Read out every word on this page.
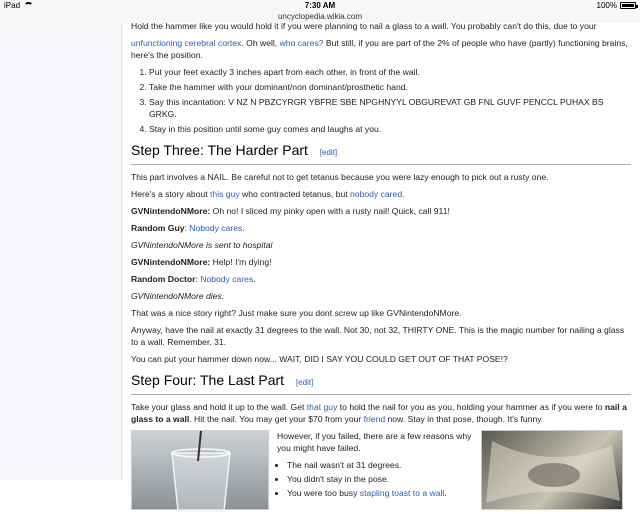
iPad	7:30 AM	100%
uncyclopedia.wikia.com

Hold the hammer like you would hold it if you were planning to nail a glass to a wall. You probably can't do this, due to your

unfunctioning cerebral cortex. Oh well, who cares? But still, if you are part of the 2% of people who have (partly) functioning brains, here's the position.

1. Put your feet exactly 3 inches apart from each other, in front of the wall.
2. Take the hammer with your dominant/non dominant/prosthetic hand.
3. Say this incantation: V NZ N PBZCYRGR YBFRE SBE NPGHNYYL OBGUREVAT GB FNL GUVF PENCCL PUHAX BS GRKG.
4. Stay in this position until some guy comes and laughs at you.
Step Three: The Harder Part [edit]

This part involves a NAIL. Be careful not to get tetanus because you were lazy enough to pick out a rusty one.

Here's a story about this guy who contracted tetanus, but nobody cared.

GVNintendoNMore: Oh no! I sliced my pinky open with a rusty nail! Quick, call 911!

Random Guy: Nobody cares.

GVNintendoNMore is sent to hospital

GVNintendoNMore: Help! I'm dying!

Random Doctor: Nobody cares.

GVNintendoNMore dies.

That was a nice story right? Just make sure you dont screw up like GVNintendoNMore.

Anyway, have the nail at exactly 31 degrees to the wall. Not 30, not 32, THIRTY ONE. This is the magic number for nailing a glass to a wall. Remember. 31.

You can put your hammer down now... WAIT, DID I SAY YOU COULD GET OUT OF THAT POSE!?

Step Four: The Last Part [edit]

Take your glass and hold it up to the wall. Get that guy to hold the nail for you as you, holding your hammer as if you were to nail a glass to a wall. Hit the nail. You may get your $70 from your friend now. Stay in that pose, though. It's funny.

However, if you failed, there are a few reasons why you might have failed.

• The nail wasn't at 31 degrees.
• You didn't stay in the pose.
• You were too busy stapling toast to a wall.
